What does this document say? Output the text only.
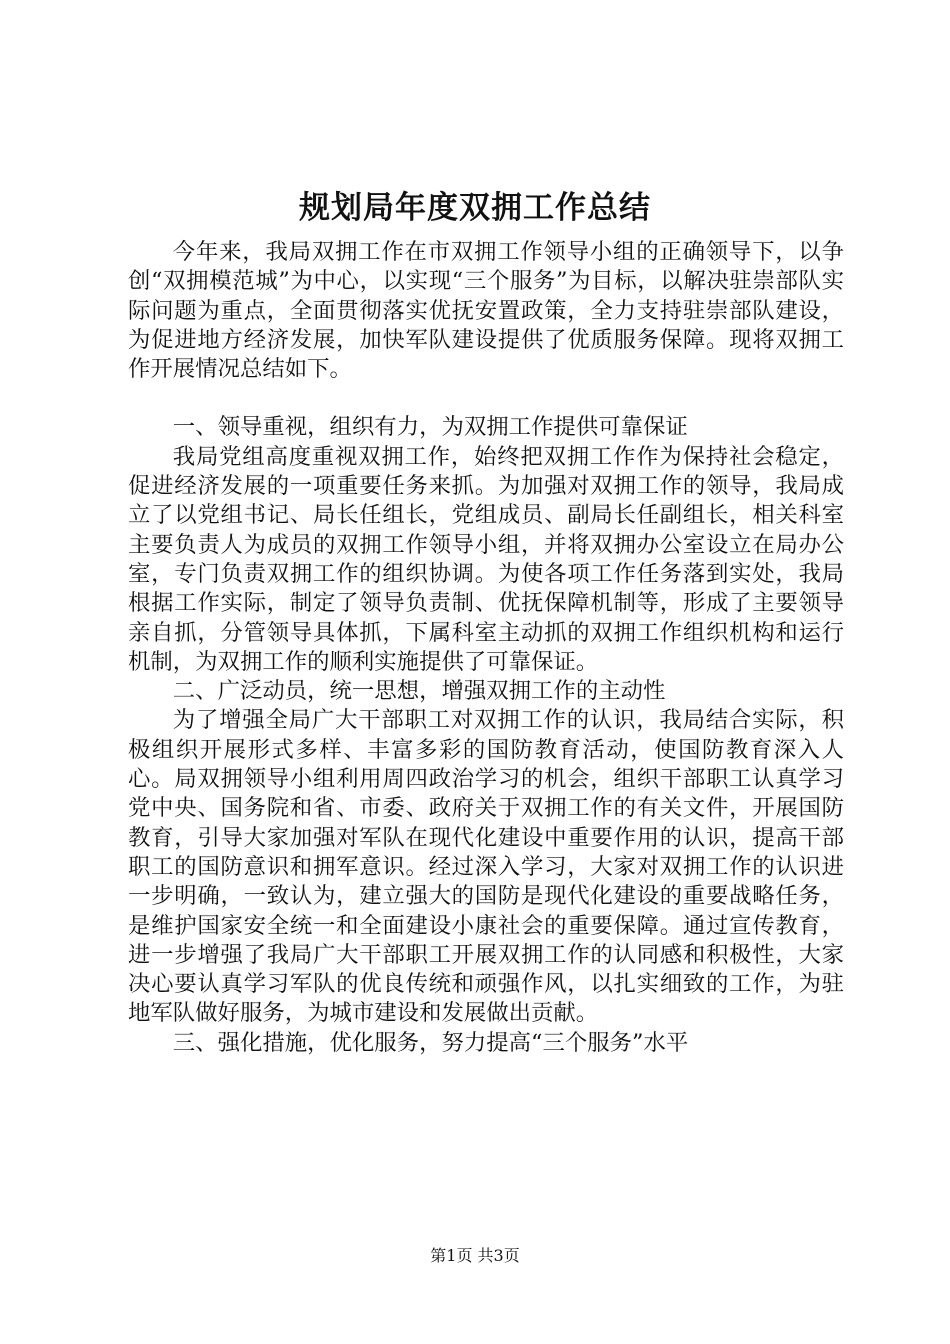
规划局年度双拥工作总结

今年来，我局双拥工作在市双拥工作领导小组的正确领导下，以争创“双拥模范城”为中心，以实现“三个服务”为目标，以解决驻崇部队实际问题为重点，全面贯彻落实优抚安置政策，全力支持驻崇部队建设，为促进地方经济发展，加快军队建设提供了优质服务保障。现将双拥工作开展情况总结如下。

一、领导重视，组织有力，为双拥工作提供可靠保证

我局党组高度重视双拥工作，始终把双拥工作作为保持社会稳定，促进经济发展的一项重要任务来抓。为加强对双拥工作的领导，我局成立了以党组书记、局长任组长，党组成员、副局长任副组长，相关科室主要负责人为成员的双拥工作领导小组，并将双拥办公室设立在局办公室，专门负责双拥工作的组织协调。为使各项工作任务落到实处，我局根据工作实际，制定了领导负责制、优抚保障机制等，形成了主要领导亲自抓，分管领导具体抓，下属科室主动抓的双拥工作组织机构和运行机制，为双拥工作的顺利实施提供了可靠保证。

二、广泛动员，统一思想，增强双拥工作的主动性

为了增强全局广大干部职工对双拥工作的认识，我局结合实际，积极组织开展形式多样、丰富多彩的国防教育活动，使国防教育深入人心。局双拥领导小组利用周四政治学习的机会，组织干部职工认真学习党中央、国务院和省、市委、政府关于双拥工作的有关文件，开展国防教育，引导大家加强对军队在现代化建设中重要作用的认识，提高干部职工的国防意识和拥军意识。经过深入学习，大家对双拥工作的认识进一步明确，一致认为，建立强大的国防是现代化建设的重要战略任务，是维护国家安全统一和全面建设小康社会的重要保障。通过宣传教育，进一步增强了我局广大干部职工开展双拥工作的认同感和积极性，大家决心要认真学习军队的优良传统和顽强作风，以扎实细致的工作，为驻地军队做好服务，为城市建设和发展做出贡献。

三、强化措施，优化服务，努力提高“三个服务”水平

第1页 共3页
